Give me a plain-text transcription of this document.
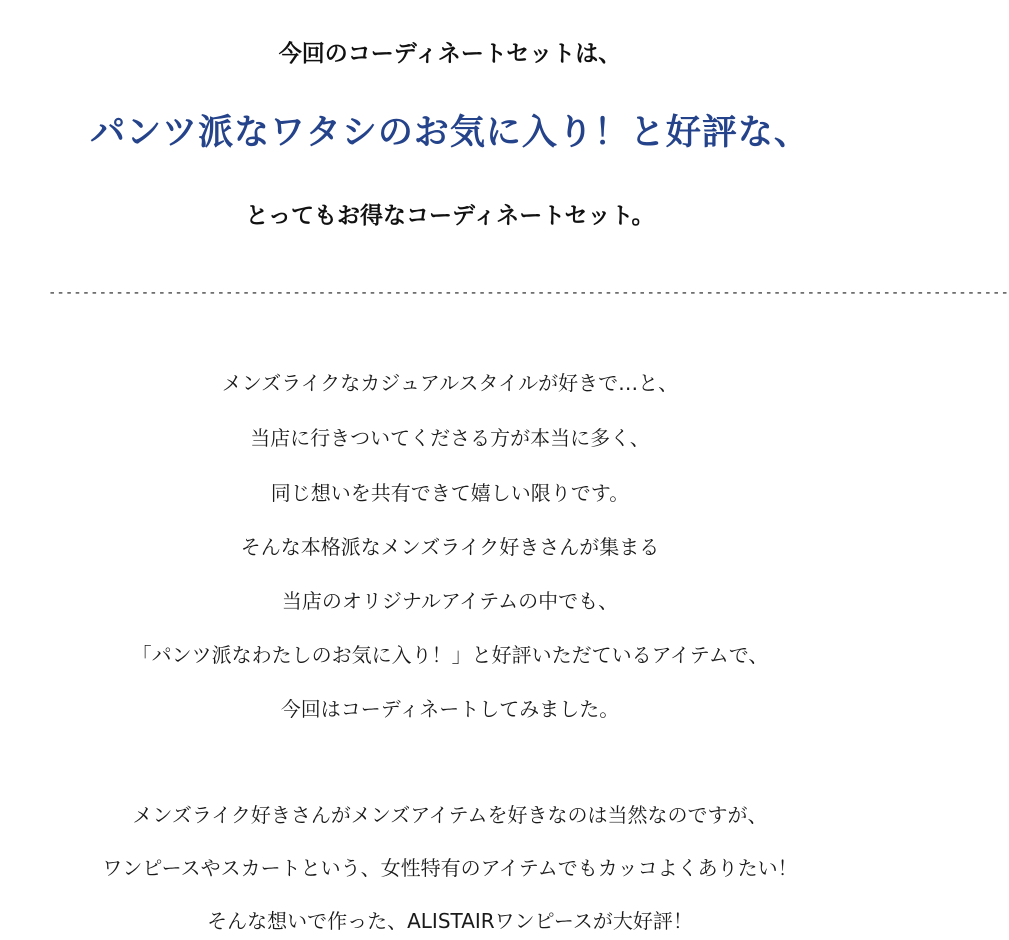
今回のコーディネートセットは、
パンツ派なワタシのお気に入り！と好評な、
とってもお得なコーディネートセット。
------------------------------------------------------------------------------------------------------------------
メンズライクなカジュアルスタイルが好きで…と、
当店に行きついてくださる方が本当に多く、
同じ想いを共有できて嬉しい限りです。
そんな本格派なメンズライク好きさんが集まる
当店のオリジナルアイテムの中でも、
「パンツ派なわたしのお気に入り！」と好評いただているアイテムで、
今回はコーディネートしてみました。
メンズライク好きさんがメンズアイテムを好きなのは当然なのですが、
ワンピースやスカートという、女性特有のアイテムでもカッコよくありたい！
そんな想いで作った、ALISTAIRワンピースが大好評！
